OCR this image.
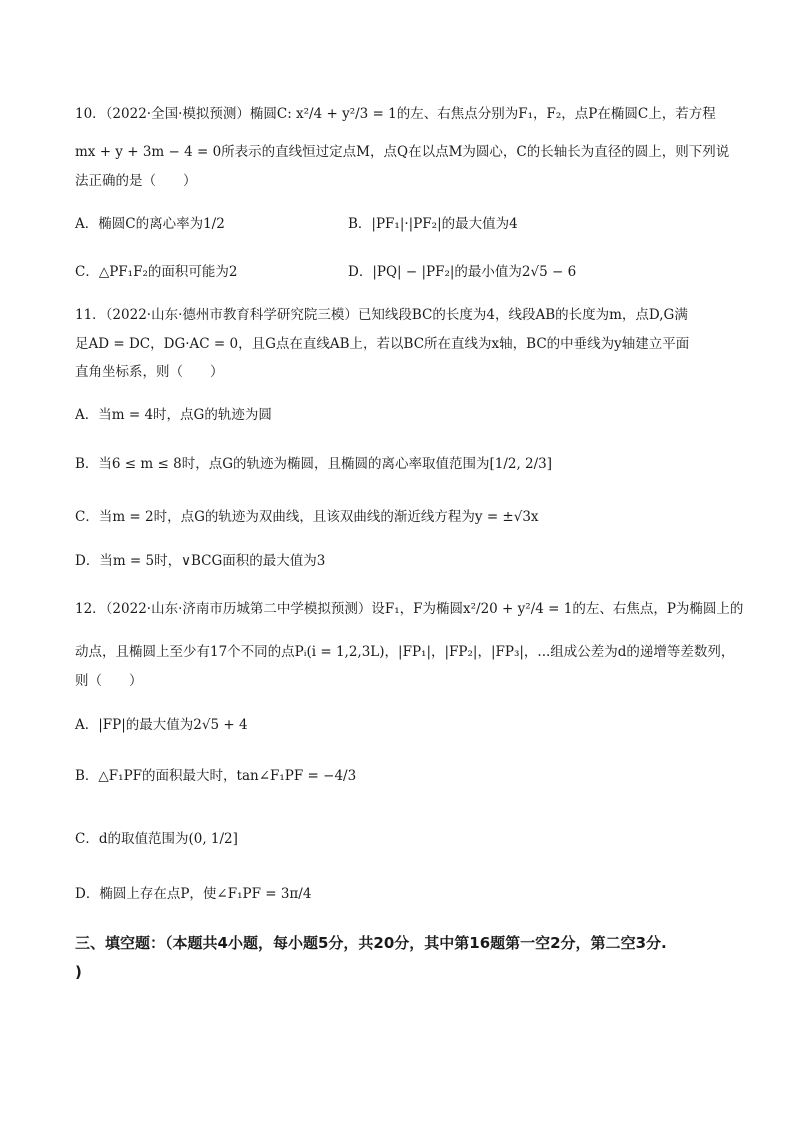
10．（2022·全国·模拟预测）椭圆C: x²/4 + y²/3 = 1的左、右焦点分别为F₁，F₂，点P在椭圆C上，若方程
mx + y + 3m − 4 = 0所表示的直线恒过定点M，点Q在以点M为圆心，C的长轴长为直径的圆上，则下列说
法正确的是（　　）
A．椭圆C的离心率为1/2	B．|PF₁|·|PF₂|的最大值为4
C．△PF₁F₂的面积可能为2	D．|PQ| − |PF₂|的最小值为2√5 − 6
11．（2022·山东·德州市教育科学研究院三模）已知线段BC的长度为4，线段AB的长度为m，点D,G满
足AD = DC，DG·AC = 0，且G点在直线AB上，若以BC所在直线为x轴，BC的中垂线为y轴建立平面
直角坐标系，则（　　）
A．当m = 4时，点G的轨迹为圆
B．当6 ≤ m ≤ 8时，点G的轨迹为椭圆，且椭圆的离心率取值范围为[1/2, 2/3]
C．当m = 2时，点G的轨迹为双曲线，且该双曲线的渐近线方程为y = ±√3x
D．当m = 5时，∨BCG面积的最大值为3
12．（2022·山东·济南市历城第二中学模拟预测）设F₁，F为椭圆x²/20 + y²/4 = 1的左、右焦点，P为椭圆上的
动点，且椭圆上至少有17个不同的点Pᵢ(i = 1,2,3L)，|FP₁|，|FP₂|，|FP₃|，...组成公差为d的递增等差数列，
则（　　）
A．|FP|的最大值为2√5 + 4
B．△F₁PF的面积最大时，tan∠F₁PF = −4/3
C．d的取值范围为(0, 1/2]
D．椭圆上存在点P，使∠F₁PF = 3π/4
三、填空题：（本题共4小题，每小题5分，共20分，其中第16题第一空2分，第二空3分.
)
